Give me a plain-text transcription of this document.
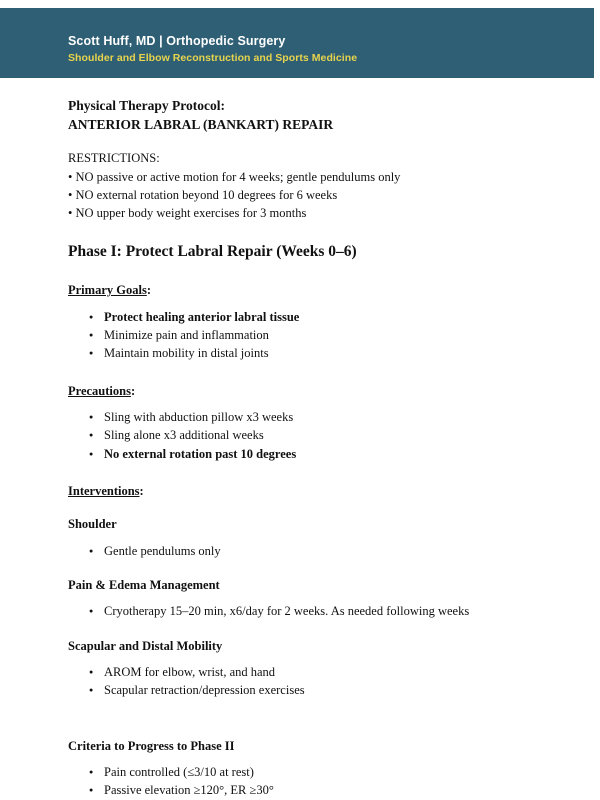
Scott Huff, MD | Orthopedic Surgery
Shoulder and Elbow Reconstruction and Sports Medicine
Physical Therapy Protocol:
ANTERIOR LABRAL (BANKART) REPAIR
RESTRICTIONS:
• NO passive or active motion for 4 weeks; gentle pendulums only
• NO external rotation beyond 10 degrees for 6 weeks
• NO upper body weight exercises for 3 months
Phase I: Protect Labral Repair (Weeks 0–6)
Primary Goals:
● Protect healing anterior labral tissue
● Minimize pain and inflammation
● Maintain mobility in distal joints
Precautions:
● Sling with abduction pillow x3 weeks
● Sling alone x3 additional weeks
● No external rotation past 10 degrees
Interventions:
Shoulder
● Gentle pendulums only
Pain & Edema Management
● Cryotherapy 15–20 min, x6/day for 2 weeks. As needed following weeks
Scapular and Distal Mobility
● AROM for elbow, wrist, and hand
● Scapular retraction/depression exercises
Criteria to Progress to Phase II
● Pain controlled (≤3/10 at rest)
● Passive elevation ≥120°, ER ≥30°
